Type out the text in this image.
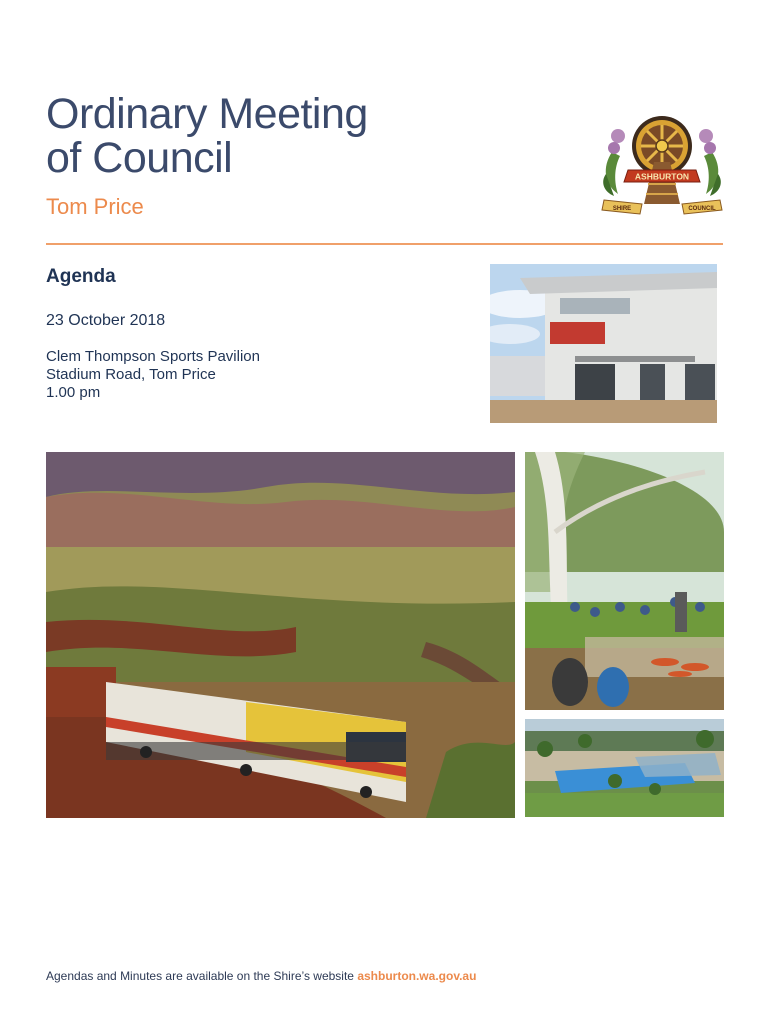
Ordinary Meeting
of Council
Tom Price
ASHBURTON
SHIRE	COUNCIL
Agenda
23 October 2018
Clem Thompson Sports Pavilion
Stadium Road, Tom Price
1.00 pm
Agendas and Minutes are available on the Shire’s website ashburton.wa.gov.au
